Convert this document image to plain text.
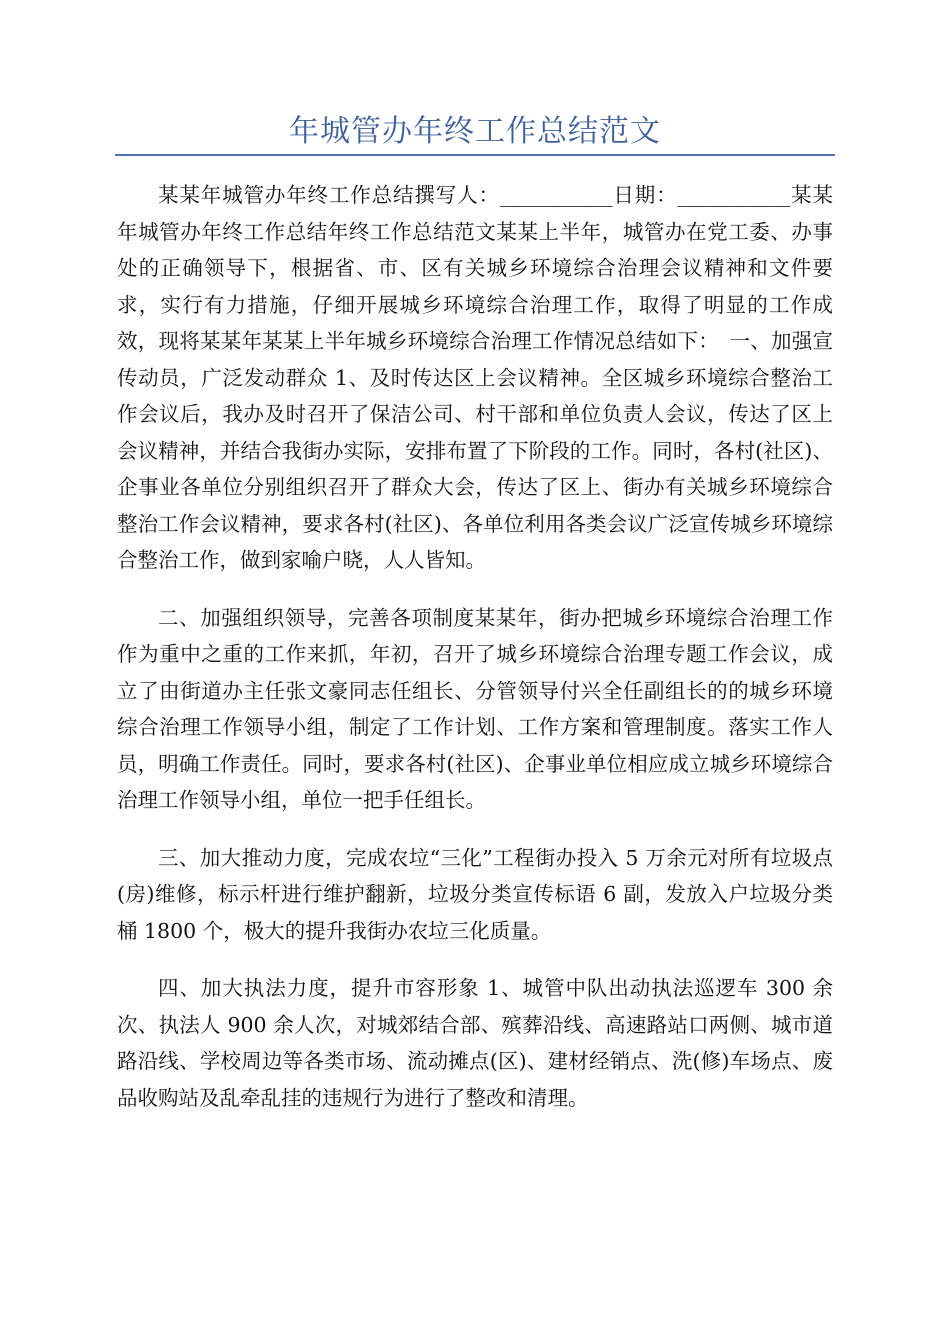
年城管办年终工作总结范文

某某年城管办年终工作总结撰写人：___________日期：___________某某年城管办年终工作总结年终工作总结范文某某上半年，城管办在党工委、办事处的正确领导下，根据省、市、区有关城乡环境综合治理会议精神和文件要求，实行有力措施，仔细开展城乡环境综合治理工作，取得了明显的工作成效，现将某某年某某上半年城乡环境综合治理工作情况总结如下：　一、加强宣传动员，广泛发动群众 1、及时传达区上会议精神。全区城乡环境综合整治工作会议后，我办及时召开了保洁公司、村干部和单位负责人会议，传达了区上会议精神，并结合我街办实际，安排布置了下阶段的工作。同时，各村(社区)、企事业各单位分别组织召开了群众大会，传达了区上、街办有关城乡环境综合整治工作会议精神，要求各村(社区)、各单位利用各类会议广泛宣传城乡环境综合整治工作，做到家喻户晓，人人皆知。

二、加强组织领导，完善各项制度某某年，街办把城乡环境综合治理工作作为重中之重的工作来抓，年初，召开了城乡环境综合治理专题工作会议，成立了由街道办主任张文豪同志任组长、分管领导付兴全任副组长的的城乡环境综合治理工作领导小组，制定了工作计划、工作方案和管理制度。落实工作人员，明确工作责任。同时，要求各村(社区)、企事业单位相应成立城乡环境综合治理工作领导小组，单位一把手任组长。

三、加大推动力度，完成农垃“三化”工程街办投入 5 万余元对所有垃圾点(房)维修，标示杆进行维护翻新，垃圾分类宣传标语 6 副，发放入户垃圾分类桶 1800 个，极大的提升我街办农垃三化质量。

四、加大执法力度，提升市容形象 1、城管中队出动执法巡逻车 300 余次、执法人 900 余人次，对城郊结合部、殡葬沿线、高速路站口两侧、城市道路沿线、学校周边等各类市场、流动摊点(区)、建材经销点、洗(修)车场点、废品收购站及乱牵乱挂的违规行为进行了整改和清理。
